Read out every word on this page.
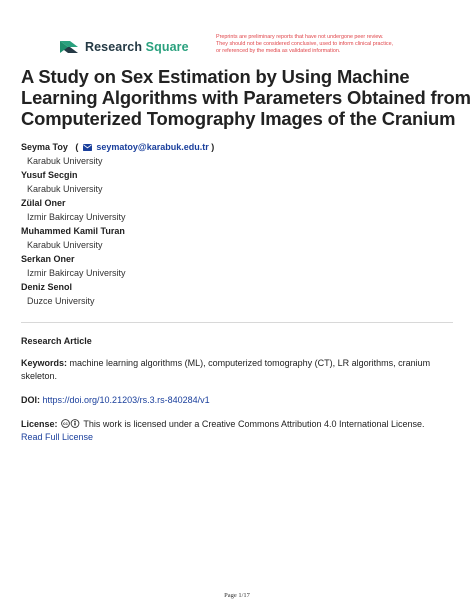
Research Square
Preprints are preliminary reports that have not undergone peer review.
They should not be considered conclusive, used to inform clinical practice,
or referenced by the media as validated information.
A Study on Sex Estimation by Using Machine
Learning Algorithms with Parameters Obtained from
Computerized Tomography Images of the Cranium
Seyma Toy   ( seymatoy@karabuk.edu.tr )
Karabuk University
Yusuf Secgin
Karabuk University
Zülal Oner
Izmir Bakircay University
Muhammed Kamil Turan
Karabuk University
Serkan Oner
Izmir Bakircay University
Deniz Senol
Duzce University
Research Article
Keywords: machine learning algorithms (ML), computerized tomography (CT), LR algorithms, cranium
skeleton.
DOI: https://doi.org/10.21203/rs.3.rs-840284/v1
License: cc This work is licensed under a Creative Commons Attribution 4.0 International License.
Read Full License
Page 1/17
